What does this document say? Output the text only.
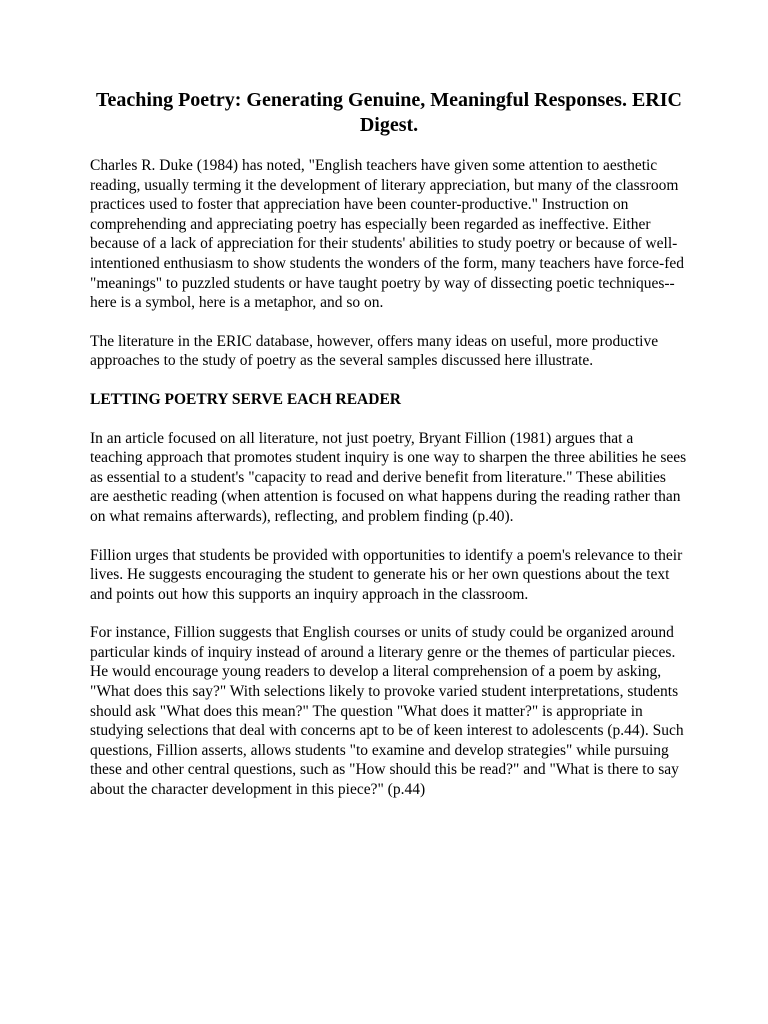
Teaching Poetry: Generating Genuine, Meaningful Responses. ERIC Digest.

Charles R. Duke (1984) has noted, "English teachers have given some attention to aesthetic reading, usually terming it the development of literary appreciation, but many of the classroom practices used to foster that appreciation have been counter-productive." Instruction on comprehending and appreciating poetry has especially been regarded as ineffective. Either because of a lack of appreciation for their students' abilities to study poetry or because of well-intentioned enthusiasm to show students the wonders of the form, many teachers have force-fed "meanings" to puzzled students or have taught poetry by way of dissecting poetic techniques--here is a symbol, here is a metaphor, and so on.

The literature in the ERIC database, however, offers many ideas on useful, more productive approaches to the study of poetry as the several samples discussed here illustrate.

LETTING POETRY SERVE EACH READER

In an article focused on all literature, not just poetry, Bryant Fillion (1981) argues that a teaching approach that promotes student inquiry is one way to sharpen the three abilities he sees as essential to a student's "capacity to read and derive benefit from literature." These abilities are aesthetic reading (when attention is focused on what happens during the reading rather than on what remains afterwards), reflecting, and problem finding (p.40).

Fillion urges that students be provided with opportunities to identify a poem's relevance to their lives. He suggests encouraging the student to generate his or her own questions about the text and points out how this supports an inquiry approach in the classroom.

For instance, Fillion suggests that English courses or units of study could be organized around particular kinds of inquiry instead of around a literary genre or the themes of particular pieces. He would encourage young readers to develop a literal comprehension of a poem by asking, "What does this say?" With selections likely to provoke varied student interpretations, students should ask "What does this mean?" The question "What does it matter?" is appropriate in studying selections that deal with concerns apt to be of keen interest to adolescents (p.44). Such questions, Fillion asserts, allows students "to examine and develop strategies" while pursuing these and other central questions, such as "How should this be read?" and "What is there to say about the character development in this piece?" (p.44)
